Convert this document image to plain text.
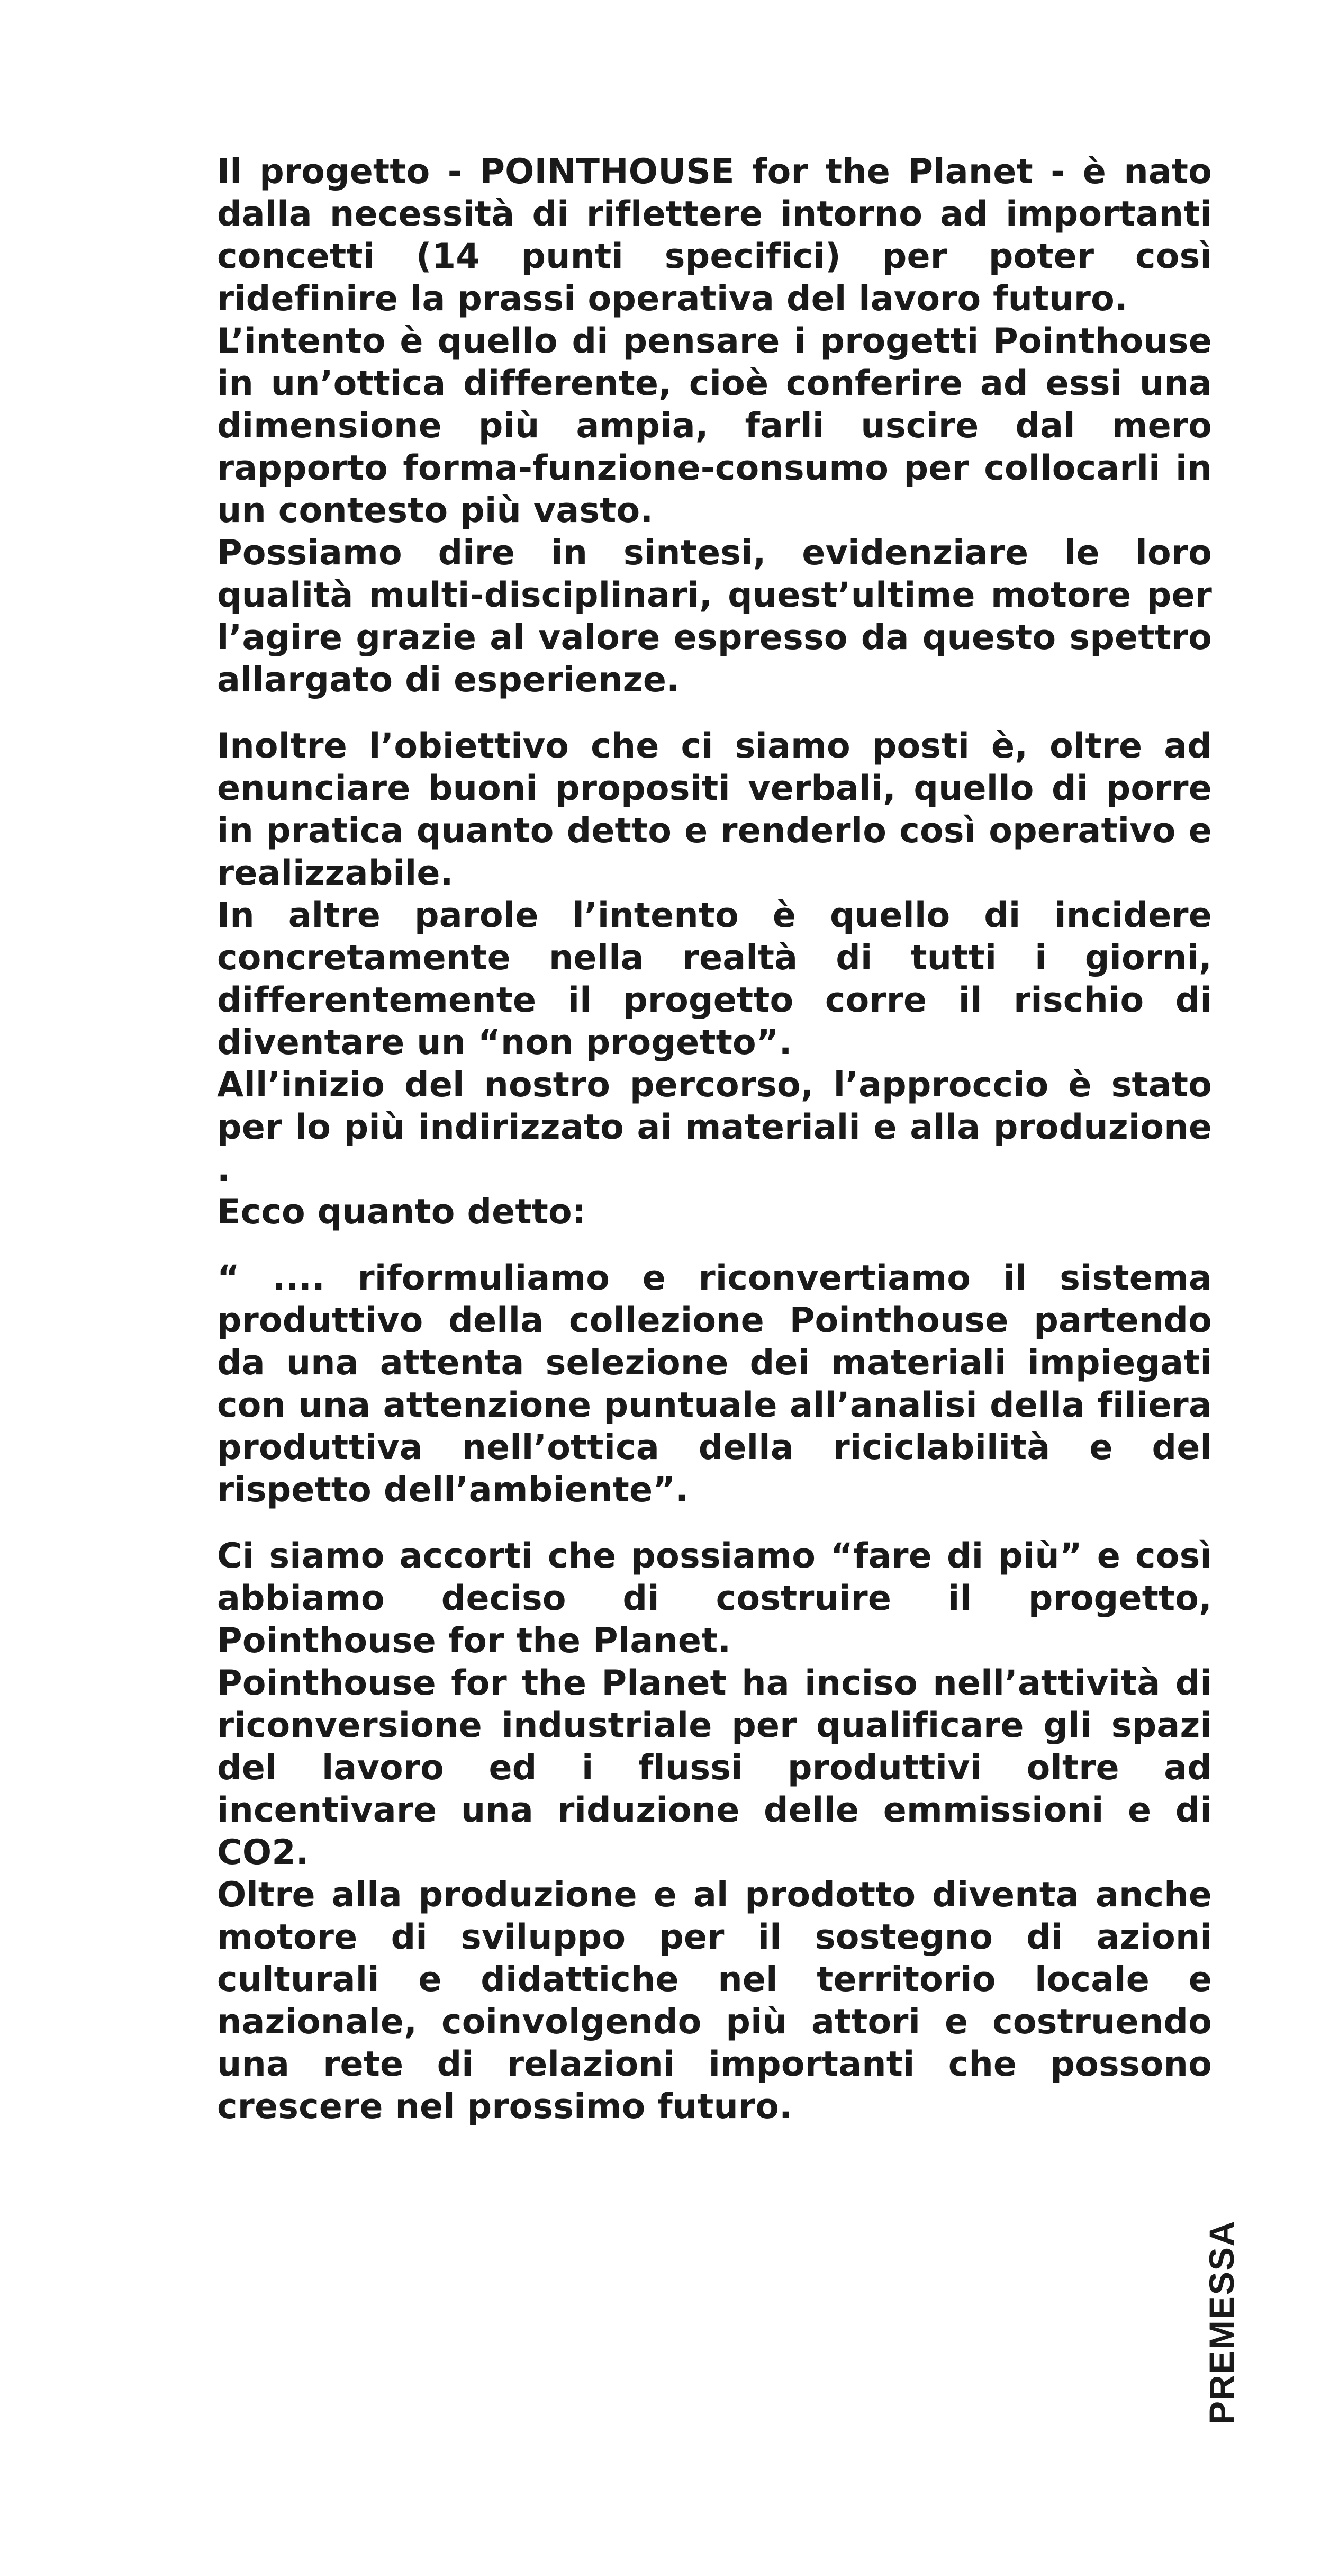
Il progetto - POINTHOUSE for the Planet - è nato dalla necessità di riflettere intorno ad importanti concetti (14 punti specifici) per poter così ridefinire la prassi operativa del lavoro futuro.

L’intento è quello di pensare i progetti Pointhouse in un’ottica differente, cioè conferire ad essi una dimensione più ampia, farli uscire dal mero rapporto forma-funzione-consumo per collocarli in un contesto più vasto.

Possiamo dire in sintesi, evidenziare le loro qualità multi-disciplinari, quest’ultime motore per l’agire grazie al valore espresso da questo spettro allargato di esperienze.

Inoltre l’obiettivo che ci siamo posti è, oltre ad enunciare buoni propositi verbali, quello di porre in pratica quanto detto e renderlo così operativo e realizzabile.

In altre parole l’intento è quello di incidere concretamente nella realtà di tutti i giorni, differentemente il progetto corre il rischio di diventare un “non progetto”.

All’inizio del nostro percorso, l’approccio è stato per lo più indirizzato ai materiali e alla produzione .

Ecco quanto detto:

“ .... riformuliamo e riconvertiamo il sistema produttivo della collezione Pointhouse partendo da una attenta selezione dei materiali impiegati con una attenzione puntuale all’analisi della filiera produttiva nell’ottica della riciclabilità e del rispetto dell’ambiente”.

Ci siamo accorti che possiamo “fare di più” e così abbiamo deciso di costruire il progetto, Pointhouse for the Planet.

Pointhouse for the Planet ha inciso nell’attività di riconversione industriale per qualificare gli spazi del lavoro ed i flussi produttivi oltre ad incentivare una riduzione delle emmissioni e di CO2.

Oltre alla produzione e al prodotto diventa anche motore di sviluppo per il sostegno di azioni culturali e didattiche nel territorio locale e nazionale, coinvolgendo più attori e costruendo una rete di relazioni importanti che possono crescere nel prossimo futuro.

PREMESSA
